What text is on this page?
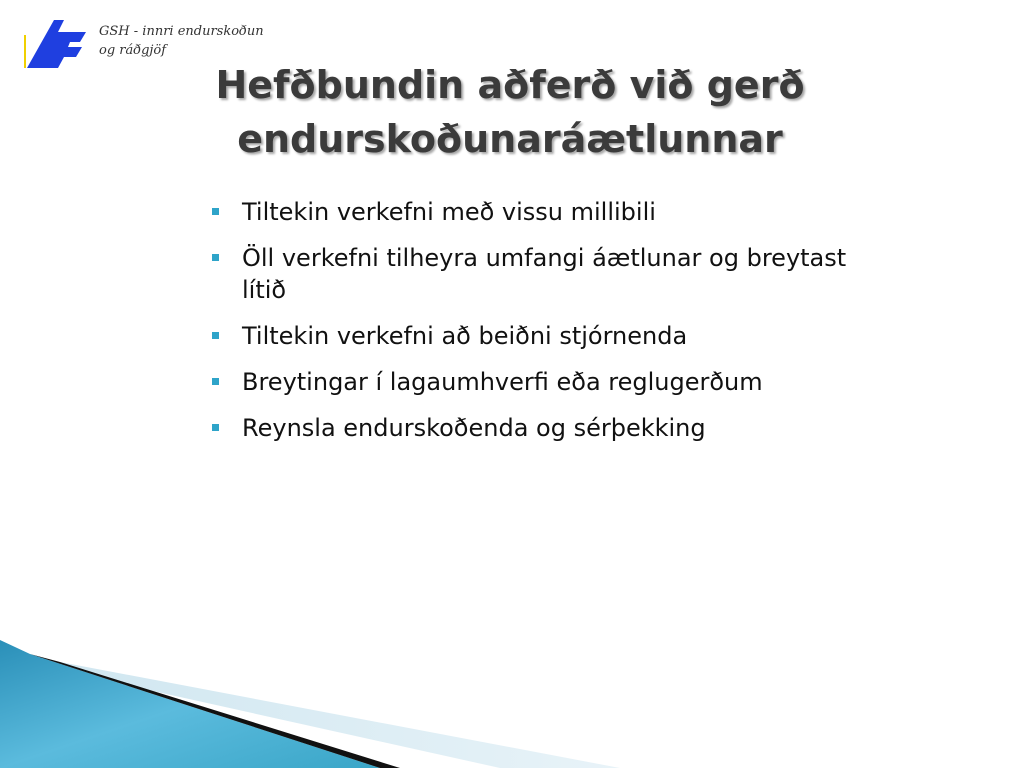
GSH - innri endurskoðun
og ráðgjöf
Hefðbundin aðferð við gerð endurskoðunaráætlunnar
Tiltekin verkefni með vissu millibili
Öll verkefni tilheyra umfangi áætlunar og breytast lítið
Tiltekin verkefni að beiðni stjórnenda
Breytingar í lagaumhverfi eða reglugerðum
Reynsla endurskoðenda og sérþekking
